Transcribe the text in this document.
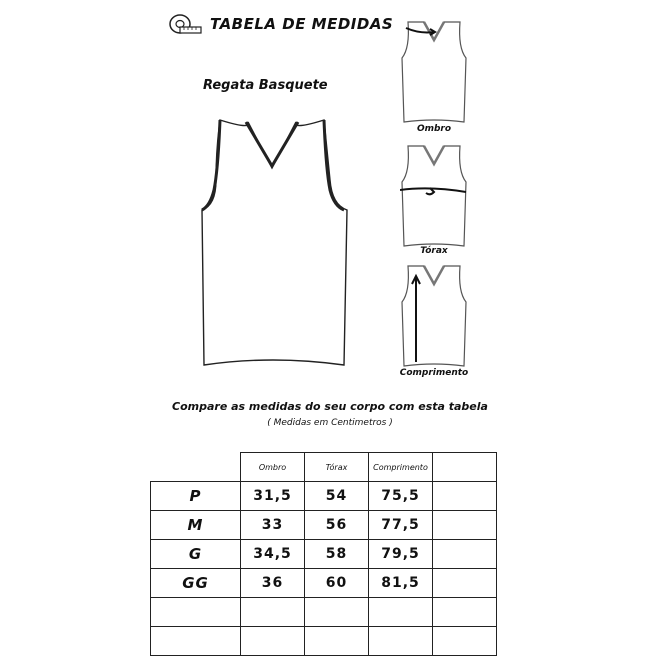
TABELA DE MEDIDAS
Regata Basquete
Ombro
Tórax
Comprimento
Compare as medidas do seu corpo com esta tabela
( Medidas em Centimetros )
	Ombro	Tórax	Comprimento	
P	31,5	54	75,5	
M	33	56	77,5	
G	34,5	58	79,5	
GG	36	60	81,5	
